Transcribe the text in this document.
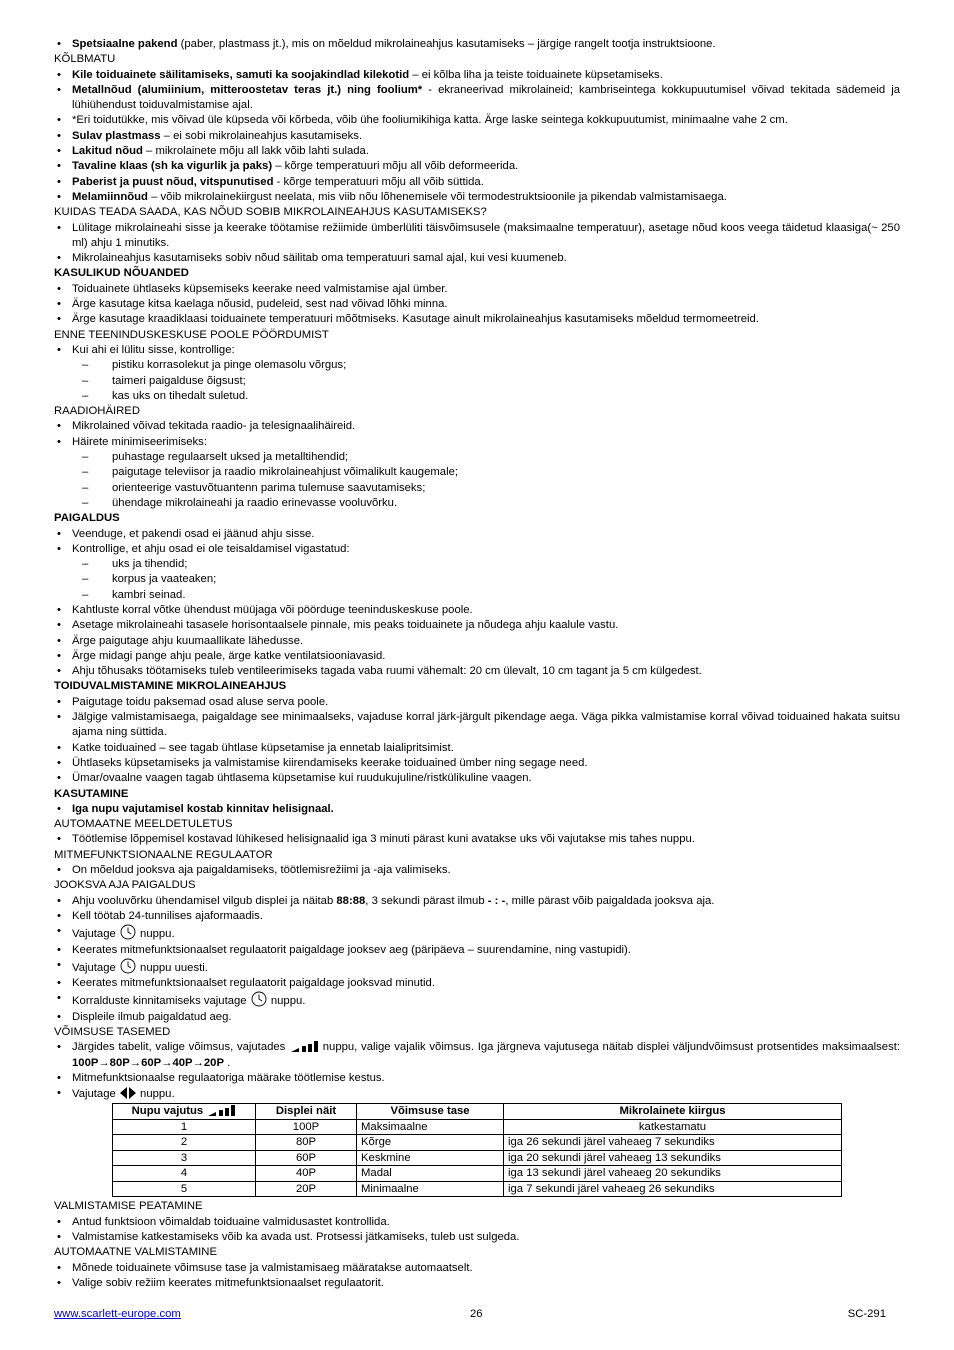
• Spetsiaalne pakend (paber, plastmass jt.), mis on mõeldud mikrolaineahjus kasutamiseks – järgige rangelt tootja instruktsioone.

KÕLBMATU

• Kile toiduainete säilitamiseks, samuti ka soojakindlad kilekotid – ei kõlba liha ja teiste toiduainete küpsetamiseks.

• Metallnõud (alumiinium, mitteroostetav teras jt.) ning foolium* - ekraneerivad mikrolaineid; kambriseintega kokkupuutumisel võivad tekitada sädemeid ja lühiühendust toiduvalmistamise ajal.

• *Eri toidutükke, mis võivad üle küpseda või kõrbeda, võib ühe fooliumikihiga katta. Ärge laske seintega kokkupuutumist, minimaalne vahe 2 cm.

• Sulav plastmass – ei sobi mikrolaineahjus kasutamiseks.

• Lakitud nõud – mikrolainete mõju all lakk võib lahti sulada.

• Tavaline klaas (sh ka vigurlik ja paks) – kõrge temperatuuri mõju all võib deformeerida.

• Paberist ja puust nõud, vitspunutised - kõrge temperatuuri mõju all võib süttida.

• Melamiinnõud – võib mikrolainekiirgust neelata, mis viib nõu lõhenemisele või termodestruktsioonile ja pikendab valmistamisaega.

KUIDAS TEADA SAADA, KAS NÕUD SOBIB MIKROLAINEAHJUS KASUTAMISEKS?

• Lülitage mikrolaineahi sisse ja keerake töötamise režiimide ümberlüliti täisvõimsusele (maksimaalne temperatuur), asetage nõud koos veega täidetud klaasiga(~ 250 ml) ahju 1 minutiks.

• Mikrolaineahjus kasutamiseks sobiv nõud säilitab oma temperatuuri samal ajal, kui vesi kuumeneb.

KASULIKUD NÕUANDED

• Toiduainete ühtlaseks küpsemiseks keerake need valmistamise ajal ümber.

• Ärge kasutage kitsa kaelaga nõusid, pudeleid, sest nad võivad lõhki minna.

• Ärge kasutage kraadiklaasi toiduainete temperatuuri mõõtmiseks. Kasutage ainult mikrolaineahjus kasutamiseks mõeldud termomeetreid.

ENNE TEENINDUSKESKUSE POOLE PÖÖRDUMIST

• Kui ahi ei lülitu sisse, kontrollige:

– pistiku korrasolekut ja pinge olemasolu võrgus;

– taimeri paigalduse õigsust;

– kas uks on tihedalt suletud.

RAADIOHÄIRED

• Mikrolained võivad tekitada raadio- ja telesignaalihäireid.

• Häirete minimiseerimiseks:

– puhastage regulaarselt uksed ja metalltihendid;

– paigutage televiisor ja raadio mikrolaineahjust võimalikult kaugemale;

– orienteerige vastuvõtuantenn parima tulemuse saavutamiseks;

– ühendage mikrolaineahi ja raadio erinevasse vooluvõrku.

PAIGALDUS

• Veenduge, et pakendi osad ei jäänud ahju sisse.

• Kontrollige, et ahju osad ei ole teisaldamisel vigastatud:

– uks ja tihendid;

– korpus ja vaateaken;

– kambri seinad.

• Kahtluste korral võtke ühendust müüjaga või pöörduge teeninduskeskuse poole.

• Asetage mikrolaineahi tasasele horisontaalsele pinnale, mis peaks toiduainete ja nõudega ahju kaalule vastu.

• Ärge paigutage ahju kuumaallikate lähedusse.

• Ärge midagi pange ahju peale, ärge katke ventilatsiooniavasid.

• Ahju tõhusaks töötamiseks tuleb ventileerimiseks tagada vaba ruumi vähemalt: 20 cm ülevalt, 10 cm tagant ja 5 cm külgedest.

TOIDUVALMISTAMINE MIKROLAINEAHJUS

• Paigutage toidu paksemad osad aluse serva poole.

• Jälgige valmistamisaega, paigaldage see minimaalseks, vajaduse korral järk-järgult pikendage aega. Väga pikka valmistamise korral võivad toiduained hakata suitsu ajama ning süttida.

• Katke toiduained – see tagab ühtlase küpsetamise ja ennetab laialipritsimist.

• Ühtlaseks küpsetamiseks ja valmistamise kiirendamiseks keerake toiduained ümber ning segage need.

• Ümar/ovaalne vaagen tagab ühtlasema küpsetamise kui ruudukujuline/ristkülikuline vaagen.

KASUTAMINE

• Iga nupu vajutamisel kostab kinnitav helisignaal.

AUTOMAATNE MEELDETULETUS

• Töötlemise lõppemisel kostavad lühikesed helisignaalid iga 3 minuti pärast kuni avatakse uks või vajutakse mis tahes nuppu.

MITMEFUNKTSIONAALNE REGULAATOR

• On mõeldud jooksva aja paigaldamiseks, töötlemisrežiimi ja -aja valimiseks.

JOOKSVA AJA PAIGALDUS

• Ahju vooluvõrku ühendamisel vilgub displei ja näitab 88:88, 3 sekundi pärast ilmub - : -, mille pärast võib paigaldada jooksva aja.

• Kell töötab 24-tunnilises ajaformaadis.

• Vajutage  nuppu.

• Keerates mitmefunktsionaalset regulaatorit paigaldage jooksev aeg (päripäeva – suurendamine, ning vastupidi).

• Vajutage  nuppu uuesti.

• Keerates mitmefunktsionaalset regulaatorit paigaldage jooksvad minutid.

• Korralduste kinnitamiseks vajutage  nuppu.

• Displeile ilmub paigaldatud aeg.

VÕIMSUSE TASEMED

• Järgides tabelit, valige võimsus, vajutades	nuppu, valige vajalik võimsus. Iga järgneva vajutusega näitab displei väljundvõimsust protsentides maksimaalsest: 100P→80P→60P→40P→20P .

• Mitmefunktsionaalse regulaatoriga määrake töötlemise kestus.

• Vajutage  nuppu.

Nupu vajutus	Displei näit	Võimsuse tase	Mikrolainete kiirgus
1	100P	Maksimaalne	katkestamatu
2	80P	Kõrge	iga 26 sekundi järel vaheaeg 7 sekundiks
3	60P	Keskmine	iga 20 sekundi järel vaheaeg 13 sekundiks
4	40P	Madal	iga 13 sekundi järel vaheaeg 20 sekundiks
5	20P	Minimaalne	iga 7 sekundi järel vaheaeg 26 sekundiks

VALMISTAMISE PEATAMINE

• Antud funktsioon võimaldab toiduaine valmidusastet kontrollida.

• Valmistamise katkestamiseks võib ka avada ust. Protsessi jätkamiseks, tuleb ust sulgeda.

AUTOMAATNE VALMISTAMINE

• Mõnede toiduainete võimsuse tase ja valmistamisaeg määratakse automaatselt.

• Valige sobiv režiim keerates mitmefunktsionaalset regulaatorit.

www.scarlett-europe.com	26	SC-291
